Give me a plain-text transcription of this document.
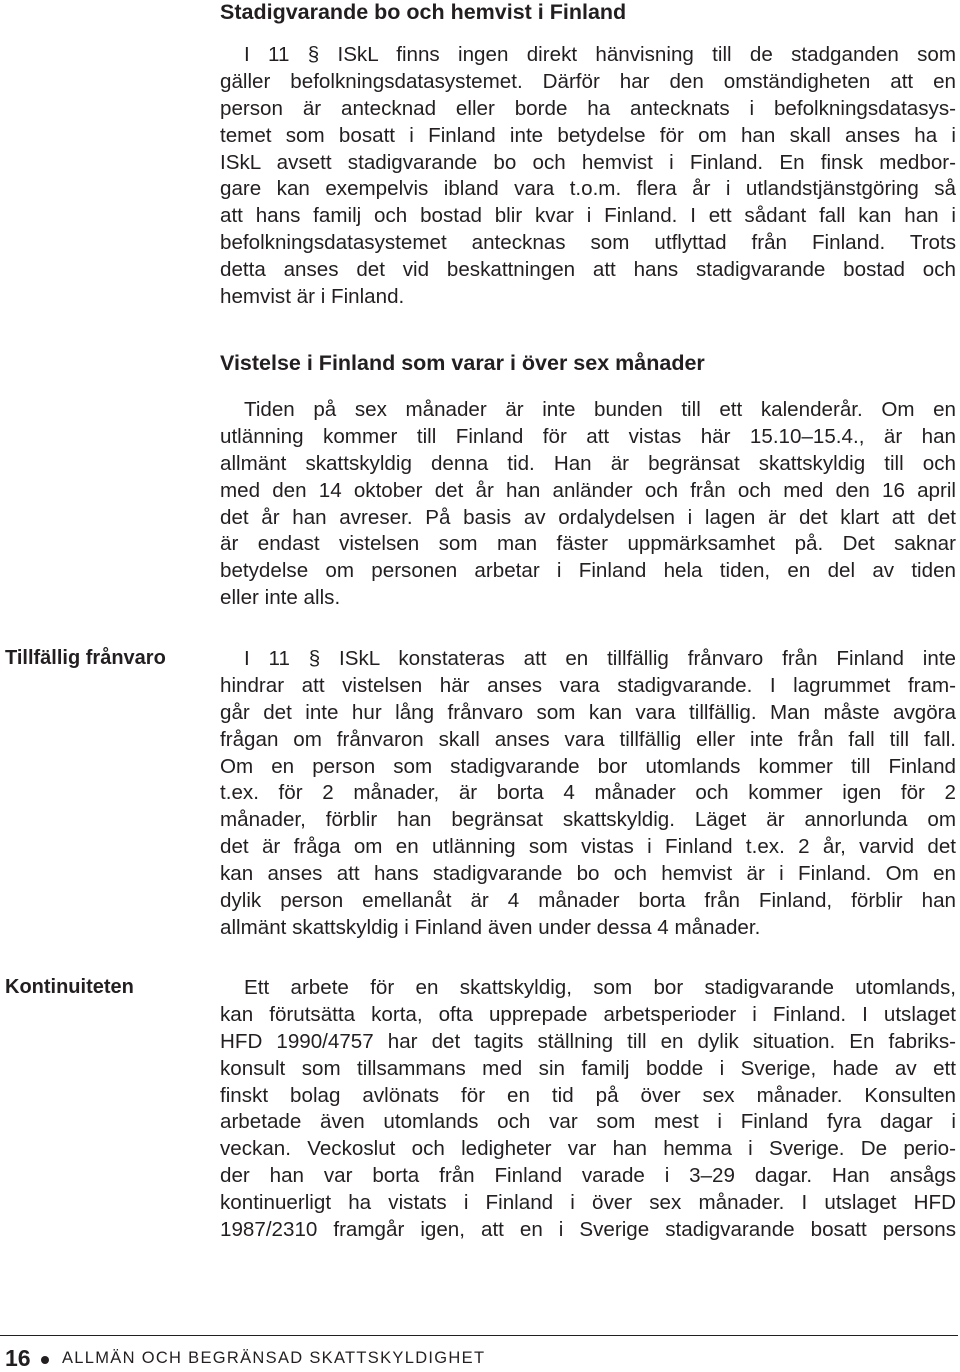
Stadigvarande bo och hemvist i Finland
I 11 § ISkL finns ingen direkt hänvisning till de stadganden som
gäller befolkningsdatasystemet. Därför har den omständigheten att en
person är antecknad eller borde ha antecknats i befolkningsdatasys-
temet som bosatt i Finland inte betydelse för om han skall anses ha i
ISkL avsett stadigvarande bo och hemvist i Finland. En finsk medbor-
gare kan exempelvis ibland vara t.o.m. flera år i utlandstjänstgöring så
att hans familj och bostad blir kvar i Finland. I ett sådant fall kan han i
befolkningsdatasystemet antecknas som utflyttad från Finland. Trots
detta anses det vid beskattningen att hans stadigvarande bostad och
hemvist är i Finland.
Vistelse i Finland som varar i över sex månader
Tiden på sex månader är inte bunden till ett kalenderår. Om en
utlänning kommer till Finland för att vistas här 15.10–15.4., är han
allmänt skattskyldig denna tid. Han är begränsat skattskyldig till och
med den 14 oktober det år han anländer och från och med den 16 april
det år han avreser. På basis av ordalydelsen i lagen är det klart att det
är endast vistelsen som man fäster uppmärksamhet på. Det saknar
betydelse om personen arbetar i Finland hela tiden, en del av tiden
eller inte alls.
Tillfällig frånvaro	I 11 § ISkL konstateras att en tillfällig frånvaro från Finland inte
hindrar att vistelsen här anses vara stadigvarande. I lagrummet fram-
går det inte hur lång frånvaro som kan vara tillfällig. Man måste avgöra
frågan om frånvaron skall anses vara tillfällig eller inte från fall till fall.
Om en person som stadigvarande bor utomlands kommer till Finland
t.ex. för 2 månader, är borta 4 månader och kommer igen för 2
månader, förblir han begränsat skattskyldig. Läget är annorlunda om
det är fråga om en utlänning som vistas i Finland t.ex. 2 år, varvid det
kan anses att hans stadigvarande bo och hemvist är i Finland. Om en
dylik person emellanåt är 4 månader borta från Finland, förblir han
allmänt skattskyldig i Finland även under dessa 4 månader.
Kontinuiteten	Ett arbete för en skattskyldig, som bor stadigvarande utomlands,
kan förutsätta korta, ofta upprepade arbetsperioder i Finland. I utslaget
HFD 1990/4757 har det tagits ställning till en dylik situation. En fabriks-
konsult som tillsammans med sin familj bodde i Sverige, hade av ett
finskt bolag avlönats för en tid på över sex månader. Konsulten
arbetade även utomlands och var som mest i Finland fyra dagar i
veckan. Veckoslut och ledigheter var han hemma i Sverige. De perio-
der han var borta från Finland varade i 3–29 dagar. Han ansågs
kontinuerligt ha vistats i Finland i över sex månader. I utslaget HFD
1987/2310 framgår igen, att en i Sverige stadigvarande bosatt persons
16 ALLMÄN OCH BEGRÄNSAD SKATTSKYLDIGHET
